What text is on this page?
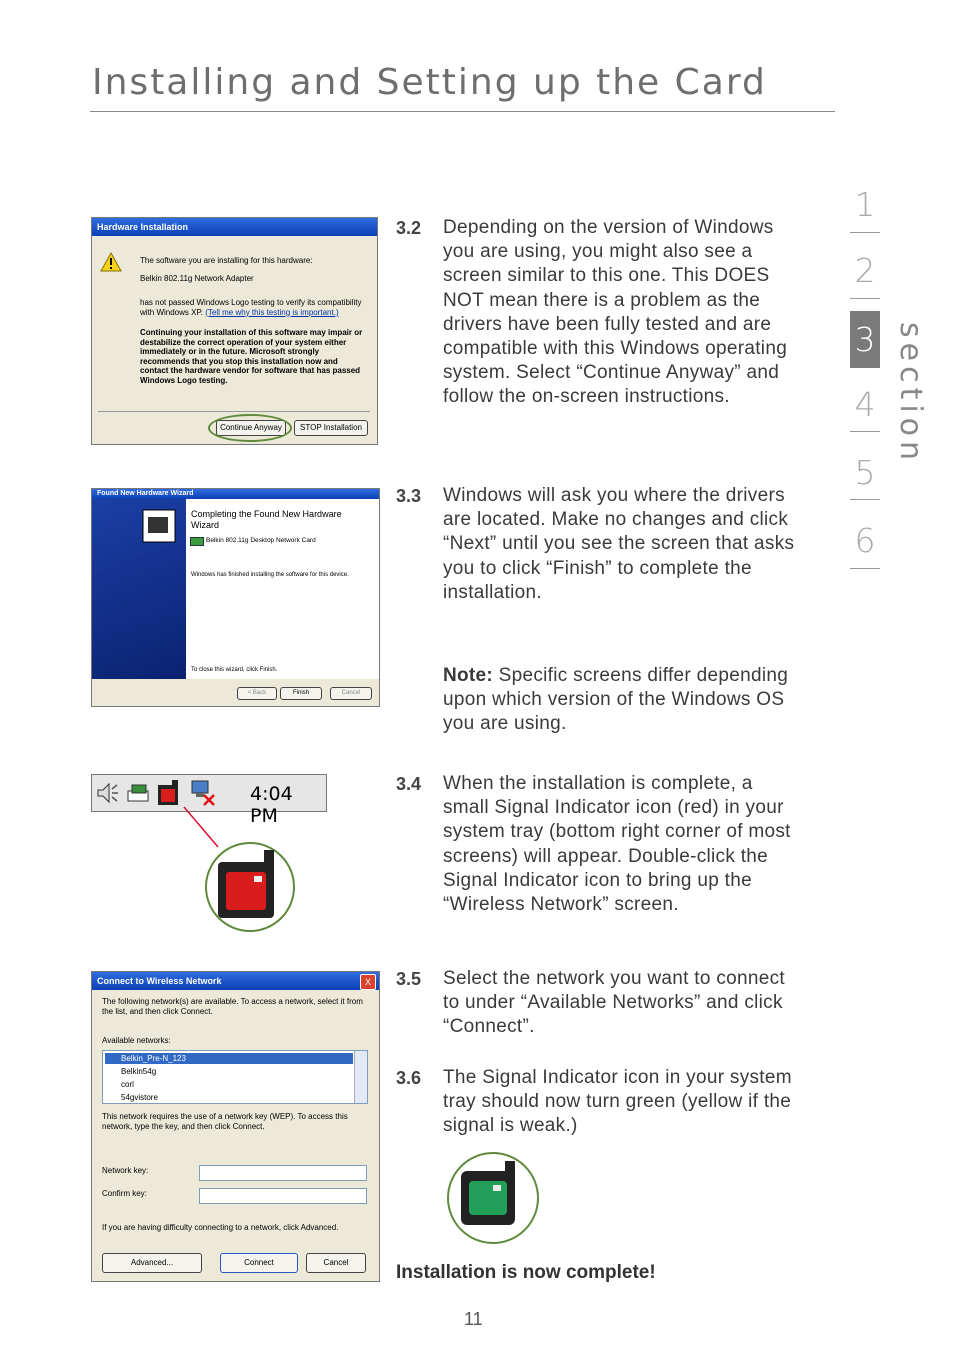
Installing and Setting up the Card
1
2
3
4
5
6
section
3.2 Depending on the version of Windows you are using, you might also see a screen similar to this one. This DOES NOT mean there is a problem as the drivers have been fully tested and are compatible with this Windows operating system. Select “Continue Anyway” and follow the on-screen instructions.
3.3 Windows will ask you where the drivers are located. Make no changes and click “Next” until you see the screen that asks you to click “Finish” to complete the installation.
Note: Specific screens differ depending upon which version of the Windows OS you are using.
3.4 When the installation is complete, a small Signal Indicator icon (red) in your system tray (bottom right corner of most screens) will appear. Double-click the Signal Indicator icon to bring up the “Wireless Network” screen.
3.5 Select the network you want to connect to under “Available Networks” and click “Connect”.
3.6 The Signal Indicator icon in your system tray should now turn green (yellow if the signal is weak.)
Installation is now complete!
11
Hardware Installation
The software you are installing for this hardware:
Belkin 802.11g Network Adapter
has not passed Windows Logo testing to verify its compatibility with Windows XP. (Tell me why this testing is important.)
Continuing your installation of this software may impair or destabilize the correct operation of your system either immediately or in the future. Microsoft strongly recommends that you stop this installation now and contact the hardware vendor for software that has passed Windows Logo testing.
Continue Anyway	STOP Installation
Found New Hardware Wizard
Completing the Found New Hardware Wizard
Belkin 802.11g Desktop Network Card
Windows has finished installing the software for this device.
To close this wizard, click Finish.
< Back	Finish	Cancel
4:04 PM
Connect to Wireless Network	X
The following network(s) are available. To access a network, select it from the list, and then click Connect.
Available networks:
Belkin_Pre-N_123
Belkin54g
corl
54gvistore
This network requires the use of a network key (WEP). To access this network, type the key, and then click Connect.
Network key:
Confirm key:
If you are having difficulty connecting to a network, click Advanced.
Advanced...	Connect	Cancel
